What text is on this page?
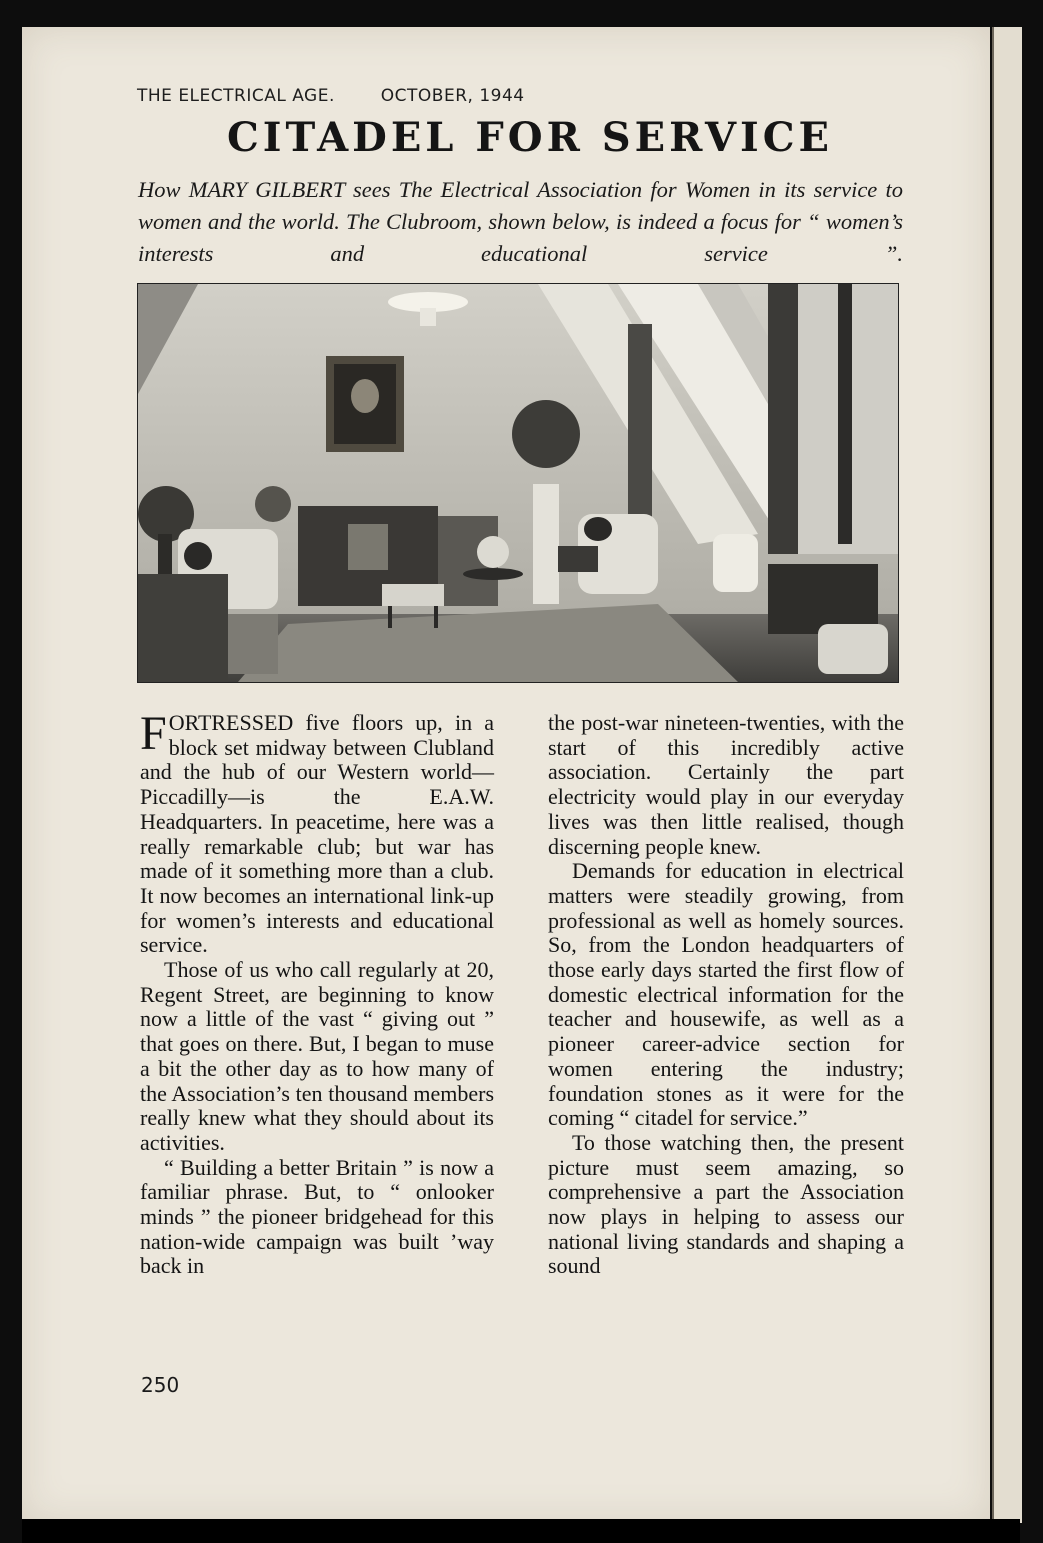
THE ELECTRICAL AGE.	OCTOBER, 1944
CITADEL FOR SERVICE
How MARY GILBERT sees The Electrical Association for Women in its service to women and the world. The Clubroom, shown below, is indeed a focus for “ women’s interests and educational service ”.

FORTRESSED five floors up, in a block set midway between Clubland and the hub of our Western world—Piccadilly—is the E.A.W. Headquarters. In peacetime, here was a really remarkable club; but war has made of it something more than a club. It now becomes an international link-up for women’s interests and educational service.

Those of us who call regularly at 20, Regent Street, are beginning to know now a little of the vast “ giving out ” that goes on there. But, I began to muse a bit the other day as to how many of the Association’s ten thousand members really knew what they should about its activities.

“ Building a better Britain ” is now a familiar phrase. But, to “ onlooker minds ” the pioneer bridgehead for this nation-wide campaign was built ’way back in

the post-war nineteen-twenties, with the start of this incredibly active association. Certainly the part electricity would play in our everyday lives was then little realised, though discerning people knew.

Demands for education in electrical matters were steadily growing, from professional as well as homely sources. So, from the London headquarters of those early days started the first flow of domestic electrical information for the teacher and housewife, as well as a pioneer career-advice section for women entering the industry; foundation stones as it were for the coming “ citadel for service.”

To those watching then, the present picture must seem amazing, so comprehensive a part the Association now plays in helping to assess our national living standards and shaping a sound

250
